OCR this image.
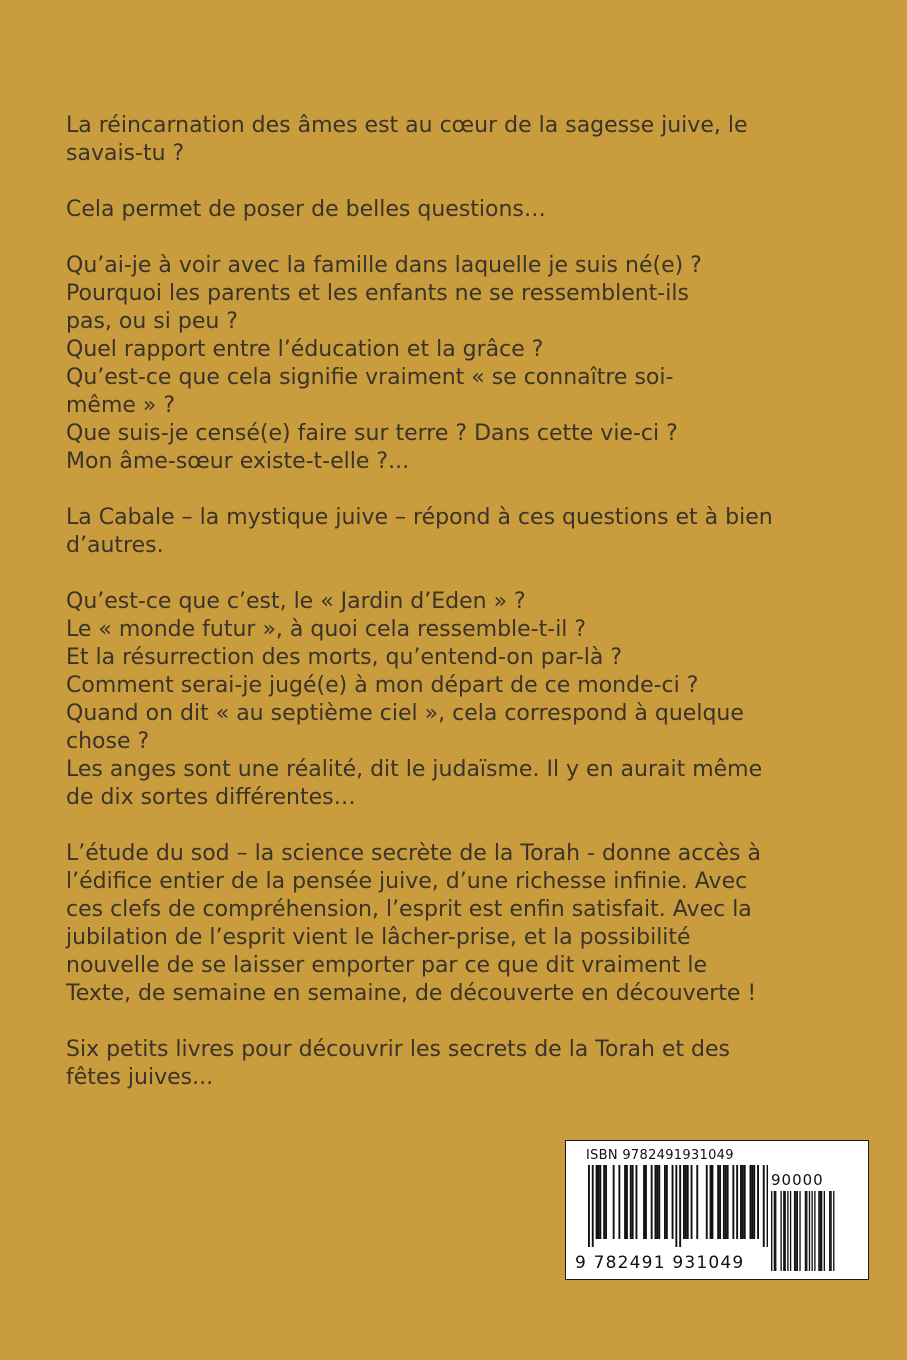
La réincarnation des âmes est au cœur de la sagesse juive, le
savais-tu ?
Cela permet de poser de belles questions…
Qu’ai-je à voir avec la famille dans laquelle je suis né(e) ?
Pourquoi les parents et les enfants ne se ressemblent-ils
pas, ou si peu ?
Quel rapport entre l’éducation et la grâce ?
Qu’est-ce que cela signifie vraiment « se connaître soi-
même » ?
Que suis-je censé(e) faire sur terre ? Dans cette vie-ci ?
Mon âme-sœur existe-t-elle ?...
La Cabale – la mystique juive – répond à ces questions et à bien
d’autres.
Qu’est-ce que c’est, le « Jardin d’Eden » ?
Le « monde futur », à quoi cela ressemble-t-il ?
Et la résurrection des morts, qu’entend-on par-là ?
Comment serai-je jugé(e) à mon départ de ce monde-ci ?
Quand on dit « au septième ciel », cela correspond à quelque
chose ?
Les anges sont une réalité, dit le judaïsme. Il y en aurait même
de dix sortes différentes…
L’étude du sod – la science secrète de la Torah - donne accès à
l’édifice entier de la pensée juive, d’une richesse infinie. Avec
ces clefs de compréhension, l’esprit est enfin satisfait. Avec la
jubilation de l’esprit vient le lâcher-prise, et la possibilité
nouvelle de se laisser emporter par ce que dit vraiment le
Texte, de semaine en semaine, de découverte en découverte !
Six petits livres pour découvrir les secrets de la Torah et des
fêtes juives...
ISBN 9782491931049
90000
9 782491 931049
